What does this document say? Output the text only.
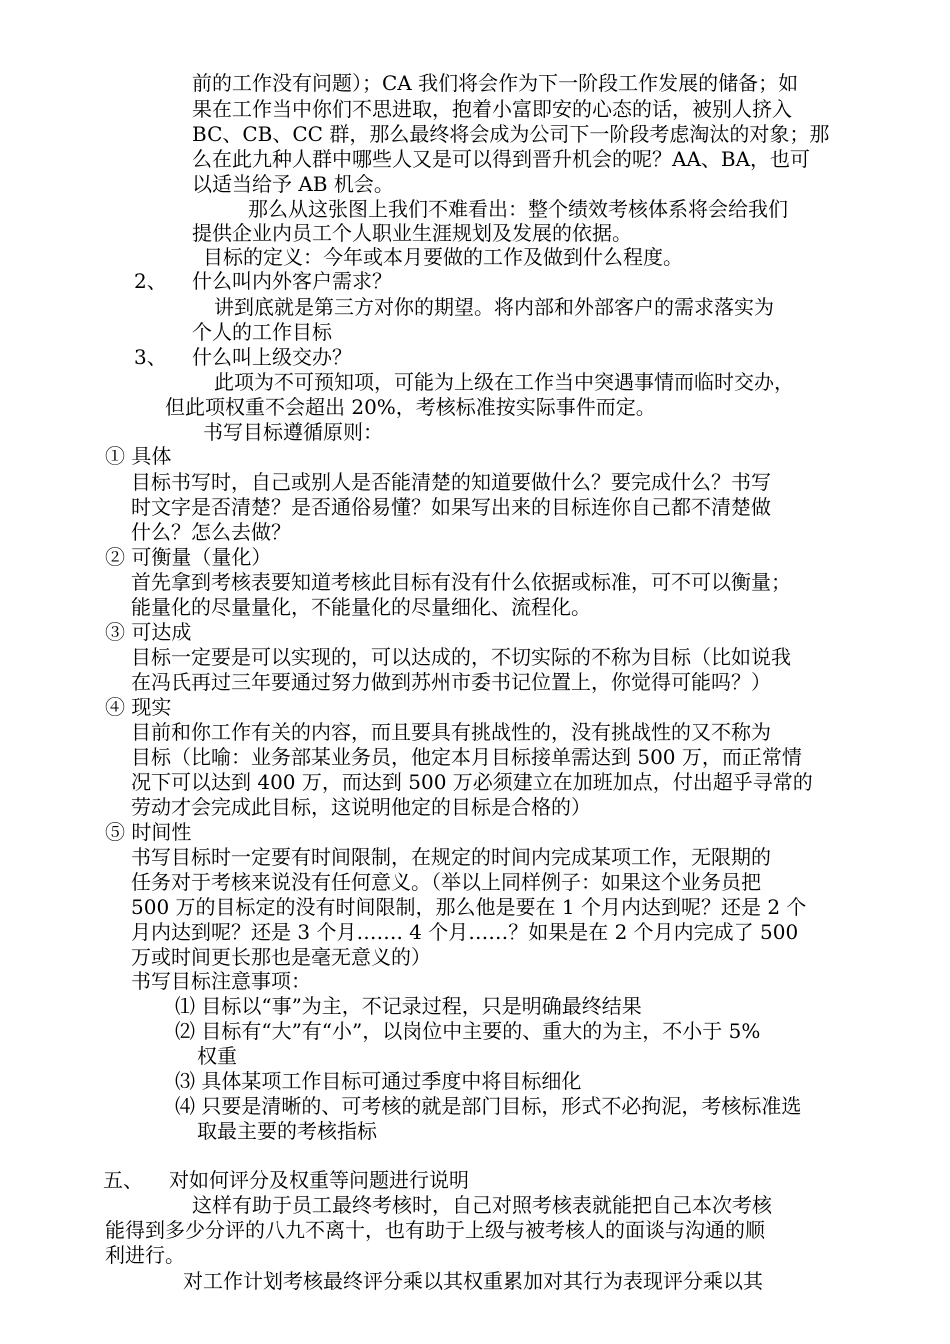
2、
3、
五、
前的工作没有问题）；CA 我们将会作为下一阶段工作发展的储备；如
果在工作当中你们不思进取，抱着小富即安的心态的话，被别人挤入
BC、CB、CC 群，那么最终将会成为公司下一阶段考虑淘汰的对象；那
么在此九种人群中哪些人又是可以得到晋升机会的呢？AA、BA，也可
以适当给予 AB 机会。
那么从这张图上我们不难看出：整个绩效考核体系将会给我们
提供企业内员工个人职业生涯规划及发展的依据。
目标的定义：今年或本月要做的工作及做到什么程度。
什么叫内外客户需求？
讲到底就是第三方对你的期望。将内部和外部客户的需求落实为
个人的工作目标
什么叫上级交办？
此项为不可预知项，可能为上级在工作当中突遇事情而临时交办，
但此项权重不会超出 20%，考核标准按实际事件而定。
书写目标遵循原则：
① 具体
目标书写时，自己或别人是否能清楚的知道要做什么？要完成什么？书写
时文字是否清楚？是否通俗易懂？如果写出来的目标连你自己都不清楚做
什么？怎么去做？
② 可衡量（量化）
首先拿到考核表要知道考核此目标有没有什么依据或标准，可不可以衡量；
能量化的尽量量化，不能量化的尽量细化、流程化。
③ 可达成
目标一定要是可以实现的，可以达成的，不切实际的不称为目标（比如说我
在冯氏再过三年要通过努力做到苏州市委书记位置上，你觉得可能吗？）
④ 现实
目前和你工作有关的内容，而且要具有挑战性的，没有挑战性的又不称为
目标（比喻：业务部某业务员，他定本月目标接单需达到 500 万，而正常情
况下可以达到 400 万，而达到 500 万必须建立在加班加点，付出超乎寻常的
劳动才会完成此目标，这说明他定的目标是合格的）
⑤ 时间性
书写目标时一定要有时间限制，在规定的时间内完成某项工作，无限期的
任务对于考核来说没有任何意义。（举以上同样例子：如果这个业务员把
500 万的目标定的没有时间限制，那么他是要在 1 个月内达到呢？还是 2 个
月内达到呢？还是 3 个月……. 4 个月……？如果是在 2 个月内完成了 500
万或时间更长那也是毫无意义的）
书写目标注意事项：
⑴ 目标以“事”为主，不记录过程，只是明确最终结果
⑵ 目标有“大”有“小”，以岗位中主要的、重大的为主，不小于 5%
权重
⑶ 具体某项工作目标可通过季度中将目标细化
⑷ 只要是清晰的、可考核的就是部门目标，形式不必拘泥，考核标准选
取最主要的考核指标
对如何评分及权重等问题进行说明
这样有助于员工最终考核时，自己对照考核表就能把自己本次考核
能得到多少分评的八九不离十，也有助于上级与被考核人的面谈与沟通的顺
利进行。
对工作计划考核最终评分乘以其权重累加对其行为表现评分乘以其
